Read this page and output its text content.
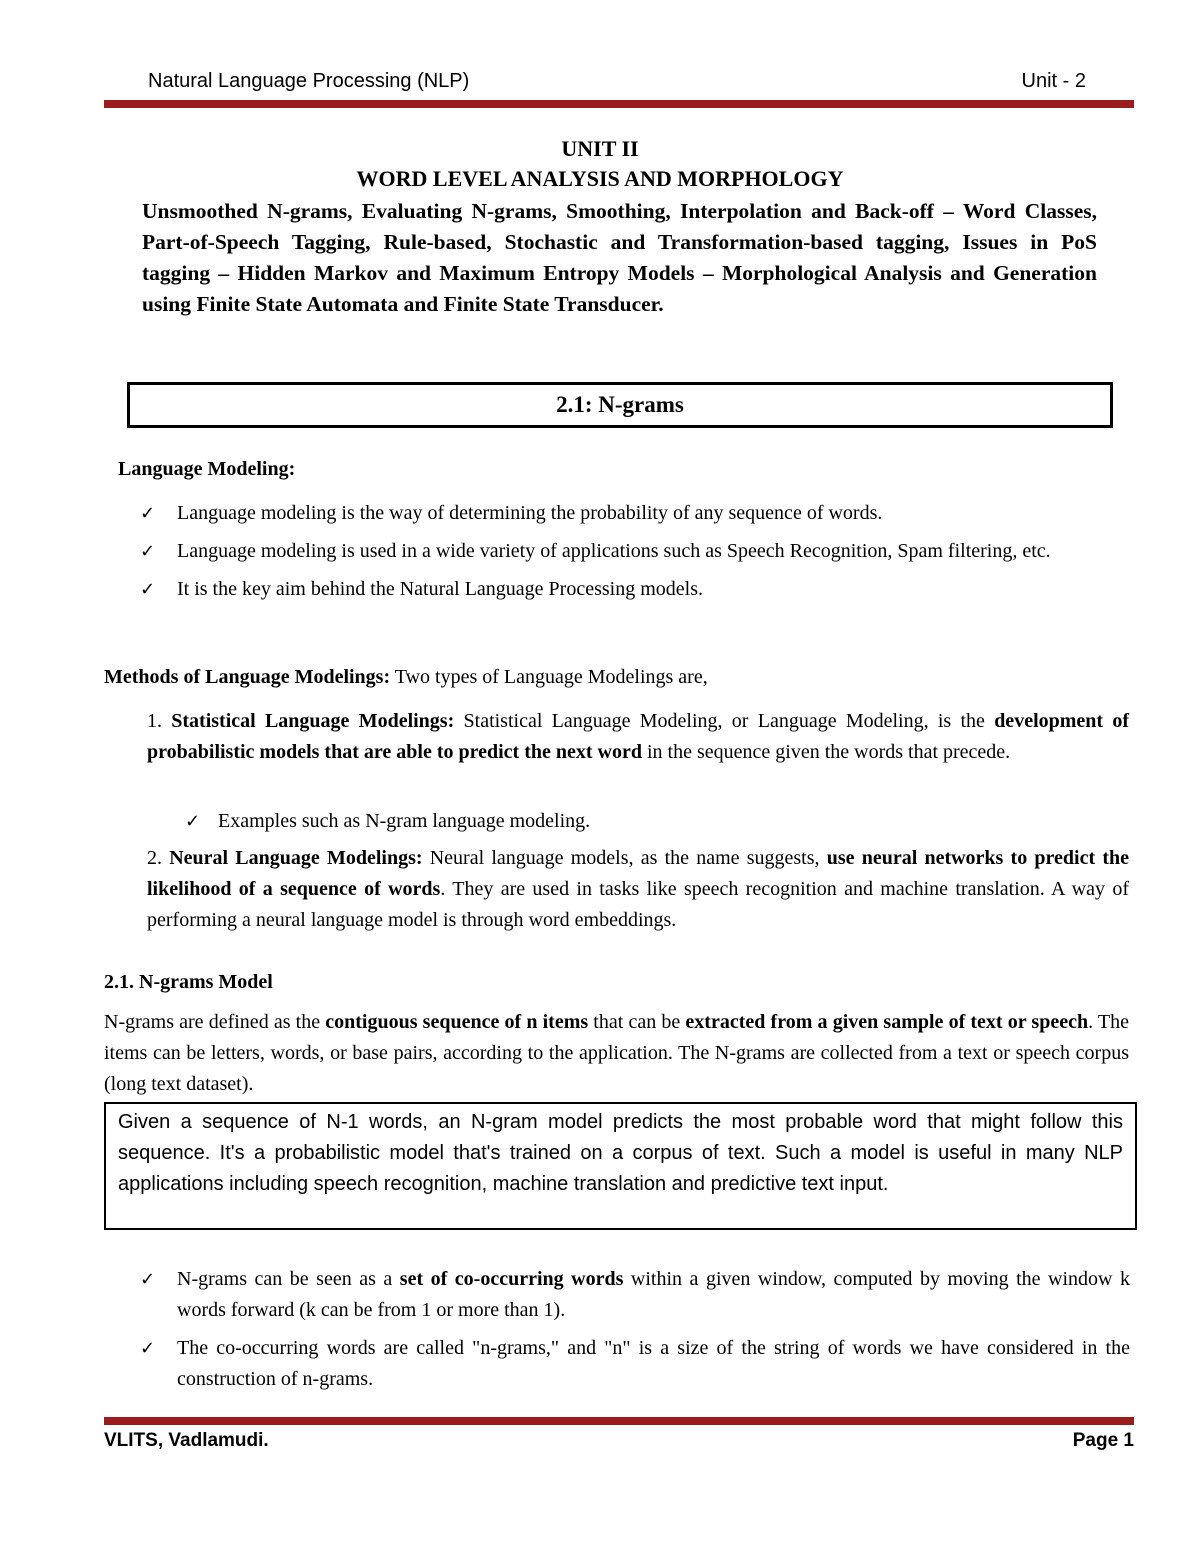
Natural Language Processing (NLP)	Unit - 2
UNIT II
WORD LEVEL ANALYSIS AND MORPHOLOGY
Unsmoothed N-grams, Evaluating N-grams, Smoothing, Interpolation and Back-off – Word Classes, Part-of-Speech Tagging, Rule-based, Stochastic and Transformation-based tagging, Issues in PoS tagging – Hidden Markov and Maximum Entropy Models – Morphological Analysis and Generation using Finite State Automata and Finite State Transducer.
2.1: N-grams
Language Modeling:
✓ Language modeling is the way of determining the probability of any sequence of words.
✓ Language modeling is used in a wide variety of applications such as Speech Recognition, Spam filtering, etc.
✓ It is the key aim behind the Natural Language Processing models.
Methods of Language Modelings: Two types of Language Modelings are,
1. Statistical Language Modelings: Statistical Language Modeling, or Language Modeling, is the development of probabilistic models that are able to predict the next word in the sequence given the words that precede.
✓ Examples such as N-gram language modeling.
2. Neural Language Modelings: Neural language models, as the name suggests, use neural networks to predict the likelihood of a sequence of words. They are used in tasks like speech recognition and machine translation. A way of performing a neural language model is through word embeddings.
2.1. N-grams Model
N-grams are defined as the contiguous sequence of n items that can be extracted from a given sample of text or speech. The items can be letters, words, or base pairs, according to the application. The N-grams are collected from a text or speech corpus (long text dataset).
Given a sequence of N-1 words, an N-gram model predicts the most probable word that might follow this sequence. It's a probabilistic model that's trained on a corpus of text. Such a model is useful in many NLP applications including speech recognition, machine translation and predictive text input.
✓ N-grams can be seen as a set of co-occurring words within a given window, computed by moving the window k words forward (k can be from 1 or more than 1).
✓ The co-occurring words are called "n-grams," and "n" is a size of the string of words we have considered in the construction of n-grams.
VLITS, Vadlamudi.	Page 1
